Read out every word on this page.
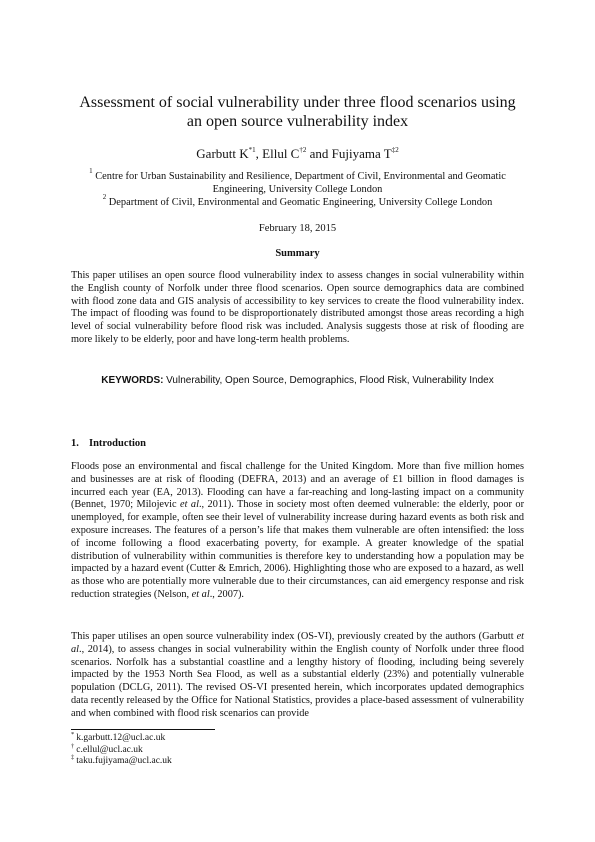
Assessment of social vulnerability under three flood scenarios using
an open source vulnerability index
Garbutt $K^{*1}$, Ellul $C^{\dagger 2}$ and Fujiyama $T^{\ddagger 2}$
$^1$ Centre for Urban Sustainability and Resilience, Department of Civil, Environmental and Geomatic
Engineering, University College London
$^2$ Department of Civil, Environmental and Geomatic Engineering, University College London
February 18, 2015
Summary

This paper utilises an open source flood vulnerability index to assess changes in social vulnerability within the English county of Norfolk under three flood scenarios. Open source demographics data are combined with flood zone data and GIS analysis of accessibility to key services to create the flood vulnerability index. The impact of flooding was found to be disproportionately distributed amongst those areas recording a high level of social vulnerability before flood risk was included. Analysis suggests those at risk of flooding are more likely to be elderly, poor and have long-term health problems.

KEYWORDS: Vulnerability, Open Source, Demographics, Flood Risk, Vulnerability Index
1. Introduction

Floods pose an environmental and fiscal challenge for the United Kingdom. More than five million homes and businesses are at risk of flooding (DEFRA, 2013) and an average of £1 billion in flood damages is incurred each year (EA, 2013). Flooding can have a far-reaching and long-lasting impact on a community (Bennet, 1970; Milojevic et al., 2011). Those in society most often deemed vulnerable: the elderly, poor or unemployed, for example, often see their level of vulnerability increase during hazard events as both risk and exposure increases. The features of a person’s life that makes them vulnerable are often intensified: the loss of income following a flood exacerbating poverty, for example. A greater knowledge of the spatial distribution of vulnerability within communities is therefore key to understanding how a population may be impacted by a hazard event (Cutter & Emrich, 2006). Highlighting those who are exposed to a hazard, as well as those who are potentially more vulnerable due to their circumstances, can aid emergency response and risk reduction strategies (Nelson, et al., 2007).

This paper utilises an open source vulnerability index (OS-VI), previously created by the authors (Garbutt et al., 2014), to assess changes in social vulnerability within the English county of Norfolk under three flood scenarios. Norfolk has a substantial coastline and a lengthy history of flooding, including being severely impacted by the 1953 North Sea Flood, as well as a substantial elderly (23%) and potentially vulnerable population (DCLG, 2011). The revised OS-VI presented herein, which incorporates updated demographics data recently released by the Office for National Statistics, provides a place-based assessment of vulnerability and when combined with flood risk scenarios can provide

* k.garbutt.12@ucl.ac.uk
† c.ellul@ucl.ac.uk
‡ taku.fujiyama@ucl.ac.uk
